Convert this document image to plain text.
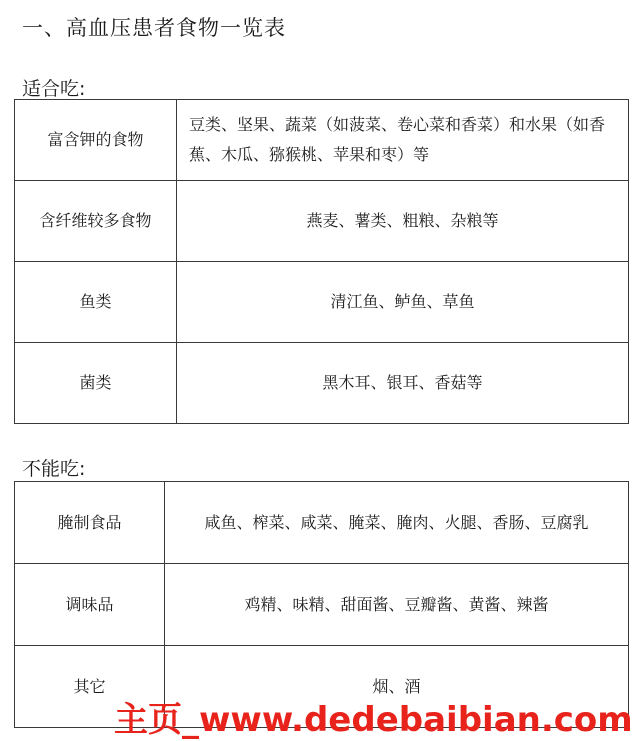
一、高血压患者食物一览表
适合吃:
富含钾的食物	豆类、坚果、蔬菜（如菠菜、卷心菜和香菜）和水果（如香蕉、木瓜、猕猴桃、苹果和枣）等
含纤维较多食物	燕麦、薯类、粗粮、杂粮等
鱼类	清江鱼、鲈鱼、草鱼
菌类	黑木耳、银耳、香菇等
不能吃:
腌制食品	咸鱼、榨菜、咸菜、腌菜、腌肉、火腿、香肠、豆腐乳
调味品	鸡精、味精、甜面酱、豆瓣酱、黄酱、辣酱
其它	烟、酒
主页_www.dedebaibian.com
